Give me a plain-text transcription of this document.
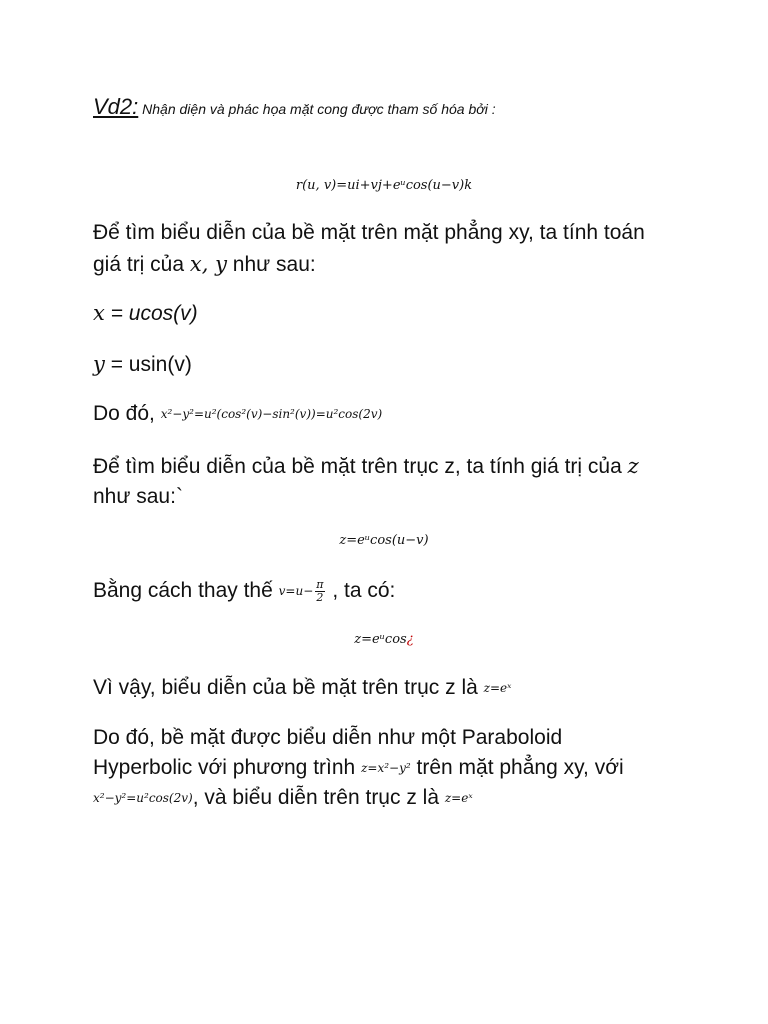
Vd2: Nhận diện và phác họa mặt cong được tham số hóa bởi :
r(u, v)=ui+vj+eᵘcos(u−v)k
Để tìm biểu diễn của bề mặt trên mặt phẳng xy, ta tính toán
giá trị của x, y như sau:
x = ucos(v)
y = usin(v)
Do đó, x²−y²=u²(cos²(v)−sin²(v))=u²cos(2v)
Để tìm biểu diễn của bề mặt trên trục z, ta tính giá trị của z
như sau:`
z=eᵘcos(u−v)
Bằng cách thay thế $v=u- \frac{\pi}{2}$ , ta có:
z=eᵘcos¿
Vì vậy, biểu diễn của bề mặt trên trục z là z=eˣ
Do đó, bề mặt được biểu diễn như một Paraboloid
Hyperbolic với phương trình z=x²−y² trên mặt phẳng xy, với
x²−y²=u²cos(2v), và biểu diễn trên trục z là z=eˣ
